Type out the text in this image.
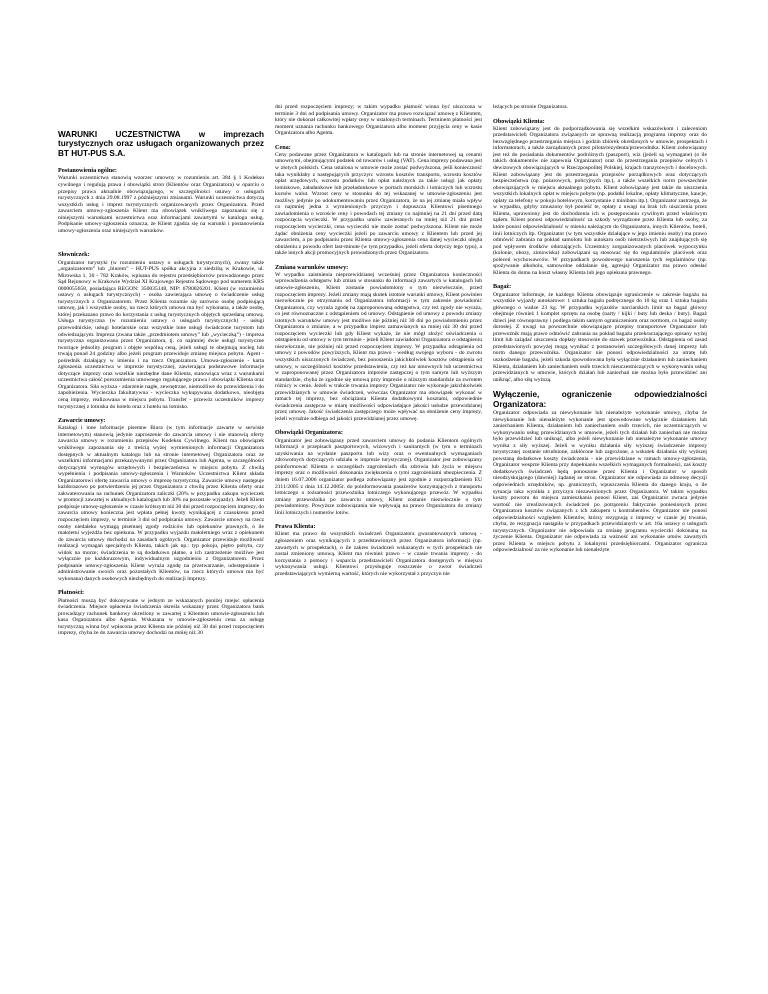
WARUNKI UCZESTNICTWA w imprezach turystycznych oraz usługach organizowanych przez BT HUT-PUS S.A.
Postanowienia ogólne:

Warunki uczestnictwa stanowią wzorzec umowny w rozumieniu art. 384 § 1 Kodeksu cywilnego i regulują prawa i obowiązki stron (Klientów oraz Organizatora) w oparciu o przepisy prawa aktualnie obowiązującego, w szczególności ustawy o usługach turystycznych z dnia 29.08.1997 z późniejszymi zmianami. Warunki uczestnictwa dotyczą wszystkich usług i imprez turystycznych organizowanych przez Organizatora. Przed zawarciem umowy-zgłoszenia Klient ma obowiązek wnikliwego zapoznania się z niniejszymi warunkami uczestnictwa oraz informacjami zawartymi w katalogu usług. Podpisanie umowy-zgłoszenia oznacza, że Klient zgadza się na warunki i postanowienia umowy-zgłoszenia oraz niniejszych warunków.

Słowniczek:

Organizator turystyki (w rozumieniu ustawy o usługach turystycznych), zwany także „organizatorem” lub „biurem” - HUT-PUS spółka akcyjna z siedzibą w Krakowie, ul. Mirowska 1, 30 - 782 Kraków, wpisana do rejestru przedsiębiorców prowadzonego przez Sąd Rejonowy w Krakowie Wydział XI Krajowego Rejestru Sądowego pod numerem KRS 0000055658, posiadająca REGON: 350035148, NIP: 6780026201. Klient (w rozumieniu ustawy o usługach turystycznych) - osoba zawierająca umowę o świadczenie usług turystycznych z Organizatorem. Przez Klienta rozumie się zarówno osobę podpisującą umowę, jak i wszystkie osoby, na rzecz których umowa ma być wykonana, a także osobę, której przekazano prawo do korzystania z usług turystycznych objętych sprzedaną umową. Usługa turystyczna (w rozumieniu ustawy o usługach turystycznych) - usługi przewodnickie, usługi hotelarskie oraz wszystkie inne usługi świadczone turystom lub odwiedzającym. Impreza (zwana także „przedmiotem umowy” lub „wycieczką”) - impreza turystyczna organizowana przez Organizatora, tj. co najmniej dwie usługi turystyczne tworzące jednolity program i objęte wspólną ceną, jeżeli usługi te obejmują nocleg lub trwają ponad 24 godziny albo jeżeli program przewiduje zmianę miejsca pobytu. Agent - pośrednik działający w imieniu i na rzecz Organizatora. Umowa-zgłoszenie - karta zgłoszenia uczestnictwa w imprezie turystycznej, zawierająca podstawowe informacje dotyczące imprezy oraz wszelkie niezbędne dane Klienta, stanowiąca wraz z warunkami uczestnictwa całość porozumienia umownego regulującego prawa i obowiązki Klienta oraz Organizatora. Siła wyższa - zdarzenie nagłe, zewnętrzne, niemożliwe do przewidzenia i do zapobieżenia. Wycieczka fakultatywna - wycieczka wykupywana dodatkowo, nieobjęta ceną imprezy, realizowana w miejscu pobytu. Transfer - przewóz uczestników imprezy turystycznej z lotniska do hotelu oraz z hotelu na lotnisko.

Zawarcie umowy:

Katalogi i inne informacje pisemne Biura (w tym informacje zawarte w serwisie internetowym) stanowią jedynie zaproszenie do zawarcia umowy i nie stanowią oferty zawarcia umowy w rozumieniu przepisów Kodeksu Cywilnego. Klient ma obowiązek wnikliwego zapoznania się z treścią wyżej wymienionych informacji Organizatora dostępnych w aktualnym katalogu lub na stronie internetowej Organizatora oraz ze wszelkimi informacjami przekazywanymi przez Organizatora lub Agenta, w szczególności dotyczącymi wymogów urzędowych i bezpieczeństwa w miejscu pobytu. Z chwilą wypełnienia i podpisania umowy-zgłoszenia i Warunków Uczestnictwa Klient składa Organizatorowi ofertę zawarcia umowy o imprezę turystyczną. Zawarcie umowy następuje każdorazowo po potwierdzeniu jej przez Organizatora z chwilą przez Klienta oferty oraz zakwaterowania na rachunek Organizatora zaliczki (20% w przypadku zakupu wycieczek w promocji zawartej w aktualnych katalogach lub 30% na pozostałe wyjazdy). Jeżeli Klient podpisuje umowę-zgłoszenie w czasie krótszym niż 30 dni przed rozpoczęciem imprezy, do zawarcia umowy konieczna jest wpłata pełnej kwoty wynikającej z czasokresu przed rozpoczęciem imprezy, w terminie 3 dni od podpisania umowy. Zawarcie umowy na rzecz osoby niedaleko wymagą pisemnej zgody rodziców lub opiekunów prawnych, o ile małoletni wyjeżdża bez opiekuna. W przypadku wyjazdu małoletniego wraz z opiekunem do zawarcia umowy dochodzi na zasadach ogólnych. Organizator przewiduje możliwość realizacji wymagań specjalnych Klienta, takich jak np.: typ pokoju, piętro pobytu, czy widok na morze; świadczenia te są dodatkowo płatne, a ich zastrzeżenie możliwe jest wyłącznie po każdorazowym, indywidualnym uzgodnieniu z Organizatorem. Przez podpisanie umowy-zgłoszenia Klient wyraża zgodę na przetwarzanie, udostępnianie i administrowanie swoich oraz pozostałych Klientów, na rzecz których umowa ma być wykonana) danych osobowych niezbędnych do realizacji imprezy.

Płatności:

Płatności muszą być dokonywane w jednym ze wskazanych poniżej miejsc opłacenia świadczenia. Miejsce opłacenia świadczenia określa wskazany przez Organizatora bank prowadzący rachunek bankowy określony w zawartej z Klientem umowie-zgłoszeniu lub kasa Organizatora albo Agenta. Wskazana w umowie-zgłoszeniu cena za usługę turystyczną winna być wpłacona przez Klienta nie później niż 30 dni przed rozpoczęciem imprezy, chyba że do zawarcia umowy dochodzi na mniej niż 30

dni przed rozpoczęciem imprezy; w takim wypadku płatność winna być uiszczona w terminie 3 dni od podpisania umowy. Organizator ma prawo rozwiązać umowę z Klientem, który nie dokonał całkowitej wpłaty ceny w ustalonych terminach. Terminem płatności jest moment uznania rachunku bankowego Organizatora albo moment przyjęcia ceny w kasie Organizatora albo Agenta.

Cena:

Ceny podawane przez Organizatora w katalogach lub na stronie internetowej są cenami umownymi, obejmującymi podatek od towarów i usług (VAT). Cena imprezy podawana jest w złotych polskich. Cena ustalona w umowie może zostać podwyższona, jeśli konieczność taka wynikłaby z następujących przyczyn: wzrostu kosztów transportu, wzrostu kosztów opłat urzędowych, wzrostu podatków lub opłat należnych za takie usługi jak opłaty lotniskowe, załadunkowe lub przeładunkowe w portach morskich i lotniczych lub wzrostu kursów walut. Wzrost ceny w stosunku do tej wskazanej w umowie-zgłoszeniu jest możliwy jedynie po udokumentowaniu przez Organizatora, że na jej zmianę miała wpływ co najmniej jedna z wymienionych przyczyn i dopuszcza Klientowi pisemnego zawiadomienia o wzroście ceny i powodach tej zmiany co najmniej na 21 dni przed datą rozpoczęcia wycieczki. W przypadku umów zawieranych na mniej niż 21 dni przed rozpoczęciem wycieczki, cena wycieczki nie może zostać podwyższona. Klient nie może żądać obniżenia ceny wycieczki jeżeli po zawarciu umowy z Klientem lub przed jej zawarciem, a po podpisaniu przez Klienta umowy-zgłoszenia cena danej wycieczki uległa obniżeniu z powodu ofert last-minute (w tym przypadku, jeżeli oferta dotyczy tego typu), a także innych akcji promocyjnych prowadzonych przez Organizatora.

Zmiana warunków umowy:

W wypadku zaistnienia nieprzewidzianej wcześniej przez Organizatora konieczności wprowadzenia odstępstw lub zmian w stosunku do informacji zawartych w katalogach lub umowie-zgłoszeniu, Klient zostanie powiadomiony o tym niezwłocznie, przed rozpoczęciem imprezy. Jeżeli zmiany mają skutek istotnie warunki umowy, Klient powinien niezwłocznie po otrzymaniu od Organizatora informacji w tym zakresie powiadomić Organizatora, czy wyraża zgodę na zaproponowaną odstępstwa, czy też zgody nie wyraża, co jest równoznaczne z odstąpieniem od umowy. Odstąpienie od umowy z powodu zmiany istotnych warunków umowy jest możliwe nie później niż 30 dni po powiadomieniu przez Organizatora o zmianie, a w przypadku imprez zamawianych na mniej niż 30 dni przed rozpoczęciem wycieczki lub gdy Klient wykaże, że nie mógł złożyć oświadczenia o odstąpieniu od umowy w tym terminie - jeżeli Klient zawiadomi Organizatora o odstąpieniu niezwłocznie, nie później niż przed rozpoczęciem imprezy. W przypadku odstąpienia od umowy z powodów powyższych, Klient ma prawo - według swojego wyboru - do zwrotu wszystkich uiszczonych świadczeń, bez ponoszenia jakichkolwiek kosztów odstąpienia od umowy, w szczególności kosztów przedstawienia, czy też kar umownych lub uczestnictwa w zaproponowanej przez Organizatora imprezie zastępczej o tym samym lub wyższym standardzie, chyba że zgodnie się umową przy imprezie o niższym standardzie za zwrotem różnicy w cenie. Jeżeli w trakcie trwania imprezy Organizator nie wykonuje jakichkolwiek przewidzianych w umowie świadczeń, wówczas Organizator ma obowiązek wykonać w ramach tej imprezy, bez obciążania Klienta dodatkowymi kosztami, odpowiednie świadczenia zastępcze w miarę możliwości odpowiadające jakości usłudze przewidzianej przez umowę. Jakość świadczenia zastępczego może wpływać na obniżenie ceny imprezy, jeżeli wyraźnie odbiega od jakości przewidzianej przez umowę.

Obowiązki Organizatora:

Organizator jest zobowiązany przed zawarciem umowy do podania Klientom ogólnych informacji o przepisach paszportowych, wizowych i sanitarnych (w tym o terminach uzyskiwania na wydanie paszportu lub wizy oraz o ewentualnych wymaganiach zdrowotnych dotyczących udziału w imprezie turystycznej). Organizator jest zobowiązany poinformować Klienta o szczegółach zagrożeniach dla zdrowia lub życia w miejscu imprezy oraz o możliwości dokonania zwiększenia o tymi zagrożeniami ubezpieczenia. Z dniem 16.07.2006 organizator podlega zobowiązany jest zgodnie z rozporządzeniem EU 2111/2005 z dnia 14.12.2005r. do poinformowania pasażerów korzystających z transportu lotniczego o tożsamości przewoźnika lotniczego wykonującego przewóz. W wypadku zmiany przewoźnika po zawarciu umowy, Klient zostanie niezwłocznie o tym powiadomiony. Powyższe zobowiązania nie wpływają na prawo Organizatora do zmiany linii lotniczych i numerów lotów.

Prawa Klienta:

Klient ma prawo do wszystkich świadczeń Organizatora gwarantowanych umową -zgłoszeniem oraz wynikających z przedstawionych przez Organizatora informacji (np. zawartych w prospektach), o ile zakres świadczeń wskazanych w tych prospektach nie został zmieniony umową. Klient ma również prawo - w czasie trwania imprezy - do korzystania z pomocy i wsparcia przedstawicieli Organizatora dostępnych w miejscu wykonywania usługi. Klientowi przysługuje roszczenie o zwrot świadczeń przedstawiających wymierną wartość, których nie wykorzystał z przyczyn nie

leżących po stronie Organizatora.

Obowiązki Klienta:

Klient zobowiązany jest do podporządkowania się wszelkim wskazówkom i zaleceniom przedstawicieli Organizatora związanych ze sprawną realizacją programu imprezy oraz do bezwzględnego przestrzegania miejsca i godzin zbiórek określonych w umowie, prospektach i informatorach, a także zarządzanych przez pilota/rezydenta/przewodnika. Klient zobowiązany jest też do posiadania dokumentów podróżnych (paszport), wiz (jeżeli są wymagane) (o ile takich dokumentów nie zapewnia Organizator) oraz do przestrzegania przepisów celnych i dewizowych obowiązujących w Rzeczpospolitej Polskiej, krajach tranzytowych i docelowych. Klient zobowiązany jest do przestrzegania przepisów porządkowych oraz dotyczących bezpieczeństwa (np. pożarowych, policyjnych itp.), a także wszelkich norm powszechnie obowiązujących w miejscu aktualnego pobytu. Klient zobowiązany jest także do uiszczenia wszystkich lokalnych opłat w miejscu pobytu (np. podatki lokalne, opłaty klimatyczne, kaucje, opłaty za telefony w pokoju hotelowym, korzystanie z minibaru itp.). Organizator zastrzega, że w wypadku, gdyby zmuszony był ponieść te, opłaty z uwagi na brak ich uiszczenia przez Klienta, uprawniony jest do dochodzenia ich w postępowaniu cywilnym przed właściwym sądem. Klient ponosi odpowiedzialność za szkody wyrządzone przez Klienta lub osoby, za które ponosi odpowiedzialność w mieniu należącym do Organizatora, innych Klientów, hoteli, linii lotniczych itp. Organizator (w tym wszystkie działające w jego imieniu osoby) ma prawo odmówić zabrania na pokład samolotu lub autokaru osób nietrzeźwych lub znajdujących się pod wpływem środków odurzających. Uczestnicy zorganizowanych placówek wypoczynku (kolonie, obozy, zimowiska) zobowiązani są stosować się do regulaminów placówek oraz poleceń wychowawców. W przypadkach powodowego naruszenia tych regulaminów (np. spożywanie alkoholu, samowolne oddalanie się, agresja) Organizator ma prawo odesłać Klienta do domu na koszt własny Klienta lub jego opiekuna prawnego.

Bagaż:

Organizator informuje, że każdego Klienta obowiązuje ograniczenie w zakresie bagażu na wszystkie wyjazdy autokarowe: 1 sztuka bagażu podręcznego do 10 kg oraz 1 sztuka bagażu głównego o wadze 23 kg. W przypadku wyjazdów narciarskich limit na bagaż główny obejmuje również 1 komplet sprzętu na osobę (narty / kijki / buty lub deska / buty). Bagaż dzieci jest równoprawny i podlega takim samym ograniczeniom oraz normom, co bagaż osoby dorosłej. Z uwagi na powszechnie obowiązujące przepisy transportowe Organizator lub przewoźnik mają prawo odmówić zabrania na pokład bagażu przekraczającego opisany wyżej limit lub zażądać uiszczenia dopłaty stosownie do stawek przewoźnika. Odstąpienia od zasad przedstawionych powyżej mogą wynikać z postanowień szczegółowych danej imprezy lub norm danego przewoźnika. Organizator nie ponosi odpowiedzialności za utratę lub uszkodzenie bagażu, jeżeli szkoda spowodowana była wyłącznie działaniem lub zaniechaniem Klienta, działaniem lub zaniechaniem osób trzecich nieuczestniczących w wykonywaniu usług przewidzianych w umowie, których działań lub zaniechań nie można było przewidzieć ani uniknąć, albo siłą wyższą.

Wyłączenie, ograniczenie odpowiedzialności Organizatora:

Organizator odpowiada za niewykonanie lub nienależyte wykonanie umowy, chyba że niewykonanie lub nienależyte wykonanie jest spowodowane wyłącznie działaniem lub zaniechaniem Klienta, działaniem lub zaniechaniem osób trzecich, nie uczestniczących w wykonywaniu usług przewidzianych w umowie, jeżeli tych działań lub zaniechań nie można było przewidzieć lub uniknąć, albo jeżeli niewykonanie lub nienależyte wykonanie umowy wynika z siły wyższej. Jeżeli w wyniku działania siły wyższej świadczenie imprezy turystycznej zostanie utrudnione, zakłócone lub zagrożone, a wskutek działania siły wyższej powstaną dodatkowe koszty świadczenia - nie przewidziane w ramach umowy-zgłoszenia, Organizator wesprze Klienta przy dopełnianiu wszelkich wymaganych formalności, zaś koszty dodatkowych świadczeń będą ponoszone przez Klienta i Organizator w sposób nieodzyskującego (dawniej) żądanej ze stron. Organizator nie odpowiada za odmowę decyzji odpowiednich urzędników, np. granicznych, wpuszczenia Klienta do danego kraju, o ile sytuacja taka wynikła z przyczyn niezawinionych przez Organizatora. W takim wypadku koszty powrotu do miejsca zamieszkania ponosi Klient, zaś Organizator zwraca jedynie wartość nie zrealizowanych świadczeń po potrąceniu faktycznie poniesionych przez Organizatora kosztów związanych z ich zakupem u kontrahentów. Organizator nie ponosi odpowiedzialności względem Klientów, którzy rezygnują z imprezy w czasie jej trwania, chyba, że rezygnacja nastąpiła w przypadkach przewidzianych w art. 16a ustawy o usługach turystycznych. Organizator nie odpowiada za zmianę programu wycieczki dokonaną na życzenie Klienta. Organizator nie odpowiada za ważność ani wykonanie umów zawartych przez Klienta w miejscu pobytu z lokalnymi przedsiębiorcami. Organizator ogranicza odpowiedzialność za nie wykonanie lub nienależyte
